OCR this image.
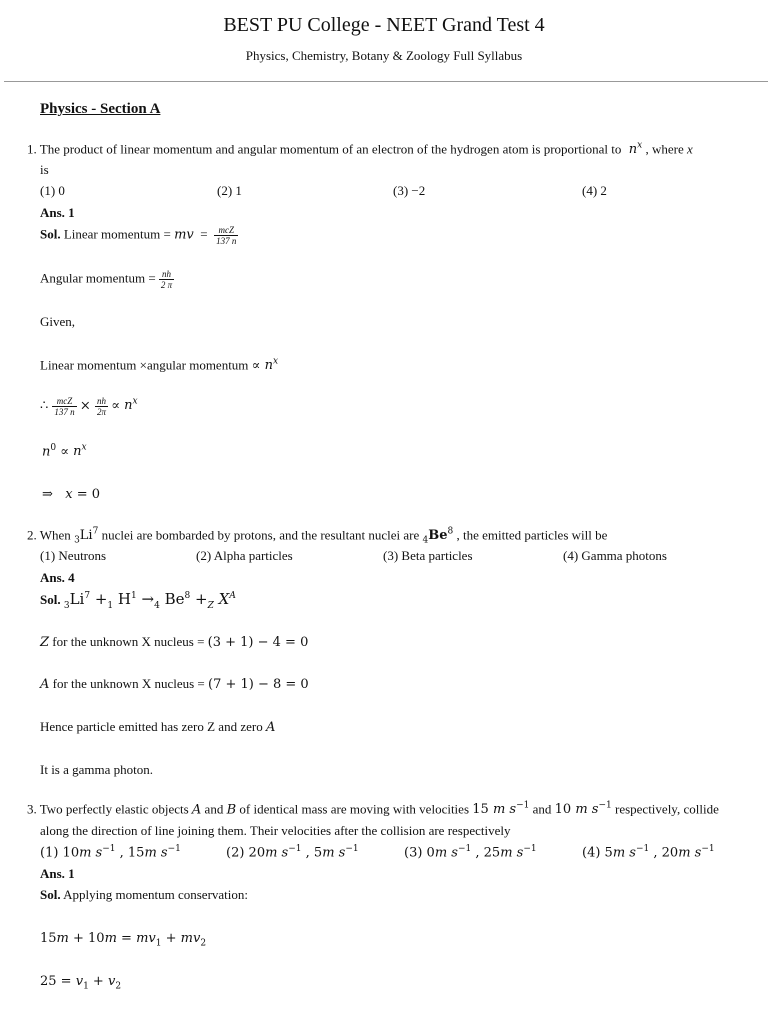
BEST PU College - NEET Grand Test 4
Physics, Chemistry, Botany & Zoology Full Syllabus
Physics - Section A
1. The product of linear momentum and angular momentum of an electron of the hydrogen atom is proportional to  $n^x$ , where x
is
(1) 0	(2) 1	(3) −2	(4) 2
Ans. 1
Sol. Linear momentum = mv  = $\frac{\text{mcZ}}{137 n}$
Angular momentum = $\frac{nh}{2 \pi}$
Given,
Linear momentum ×angular momentum ∝ $n^x$
∴ $\frac{\text{mcZ}}{137 n} \times \frac{nh}{2\pi} \propto n^x$
$n^0 \propto n^x$
⇒   x = 0
2. When $_3Li^7$ nuclei are bombarded by protons, and the resultant nuclei are $_4Be^8$ , the emitted particles will be
(1) Neutrons	(2) Alpha particles	(3) Beta particles	(4) Gamma photons
Ans. 4
Sol. $_3Li^7 +_1$ $H^1 \to_4$ $Be^8 +_Z$ $X^A$
Z for the unknown X nucleus = (3 + 1) − 4 = 0
A for the unknown X nucleus = (7 + 1) − 8 = 0
Hence particle emitted has zero Z and zero A
It is a gamma photon.
3. Two perfectly elastic objects A and B of identical mass are moving with velocities 15 m $s^{-1}$ and 10 m $s^{-1}$ respectively, collide
along the direction of line joining them. Their velocities after the collision are respectively
(1) 10m $s^{-1}$ , 15m $s^{-1}$	(2) 20m $s^{-1}$ , 5m $s^{-1}$	(3) 0m $s^{-1}$ , 25m $s^{-1}$	(4) 5m $s^{-1}$ , 20m $s^{-1}$
Ans. 1
Sol. Applying momentum conservation:
$15m + 10m = mv_1 + mv_2$
$25 = v_1 + v_2$
